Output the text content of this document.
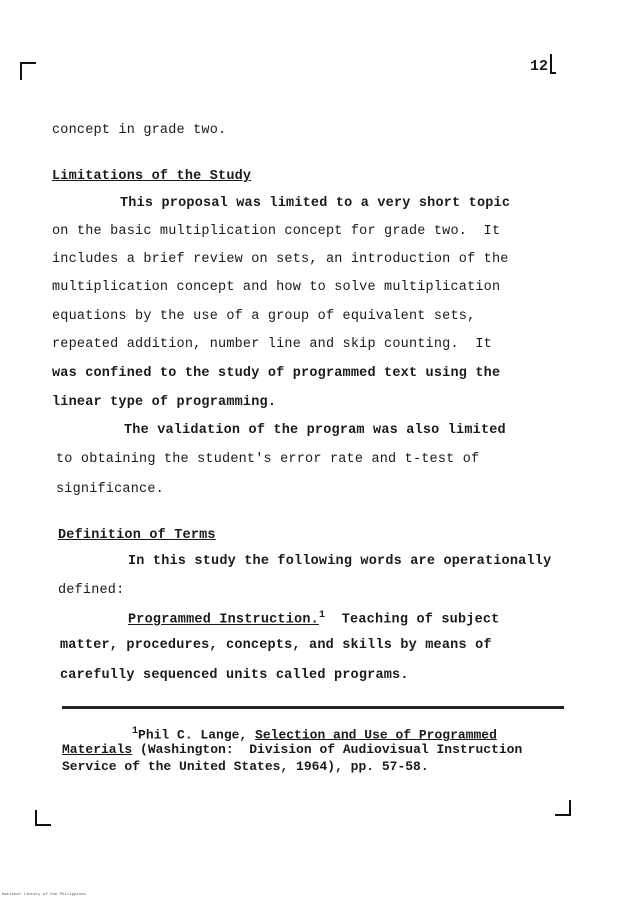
12
concept in grade two.
Limitations of the Study
This proposal was limited to a very short topic
on the basic multiplication concept for grade two.  It
includes a brief review on sets, an introduction of the
multiplication concept and how to solve multiplication
equations by the use of a group of equivalent sets,
repeated addition, number line and skip counting.  It
was confined to the study of programmed text using the
linear type of programming.
The validation of the program was also limited
to obtaining the student's error rate and t-test of
significance.
Definition of Terms
In this study the following words are operationally
defined:
Programmed Instruction.$^1$  Teaching of subject
matter, procedures, concepts, and skills by means of
carefully sequenced units called programs.
$^1$Phil C. Lange, Selection and Use of Programmed
Materials (Washington:  Division of Audiovisual Instruction
Service of the United States, 1964), pp. 57-58.
National Library of the Philippines
